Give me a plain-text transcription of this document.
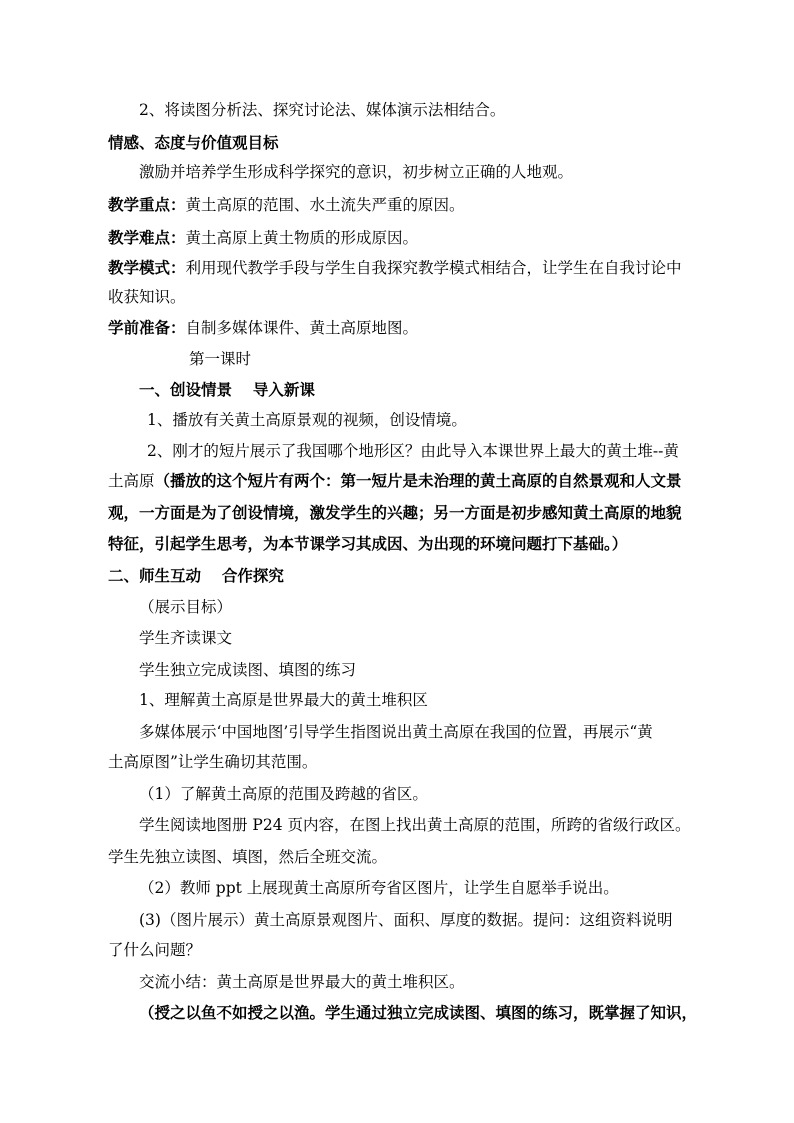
2、将读图分析法、探究讨论法、媒体演示法相结合。
情感、态度与价值观目标
激励并培养学生形成科学探究的意识，初步树立正确的人地观。
教学重点：黄土高原的范围、水土流失严重的原因。
教学难点：黄土高原上黄土物质的形成原因。
教学模式：利用现代教学手段与学生自我探究教学模式相结合，让学生在自我讨论中
收获知识。
学前准备：自制多媒体课件、黄土高原地图。
第一课时
一、创设情景　 导入新课
1、播放有关黄土高原景观的视频，创设情境。
2、刚才的短片展示了我国哪个地形区？由此导入本课世界上最大的黄土堆--黄
土高原（播放的这个短片有两个：第一短片是未治理的黄土高原的自然景观和人文景
观，一方面是为了创设情境，激发学生的兴趣；另一方面是初步感知黄土高原的地貌
特征，引起学生思考，为本节课学习其成因、为出现的环境问题打下基础。）
二、师生互动　 合作探究
（展示目标）
学生齐读课文
学生独立完成读图、填图的练习
1、理解黄土高原是世界最大的黄土堆积区
多媒体展示‘中国地图’引导学生指图说出黄土高原在我国的位置，再展示“黄
土高原图”让学生确切其范围。
（1）了解黄土高原的范围及跨越的省区。
学生阅读地图册 P24 页内容，在图上找出黄土高原的范围，所跨的省级行政区。
学生先独立读图、填图，然后全班交流。
（2）教师 ppt 上展现黄土高原所夸省区图片，让学生自愿举手说出。
(3)（图片展示）黄土高原景观图片、面积、厚度的数据。提问：这组资料说明
了什么问题？
交流小结：黄土高原是世界最大的黄土堆积区。
（授之以鱼不如授之以渔。学生通过独立完成读图、填图的练习，既掌握了知识，
